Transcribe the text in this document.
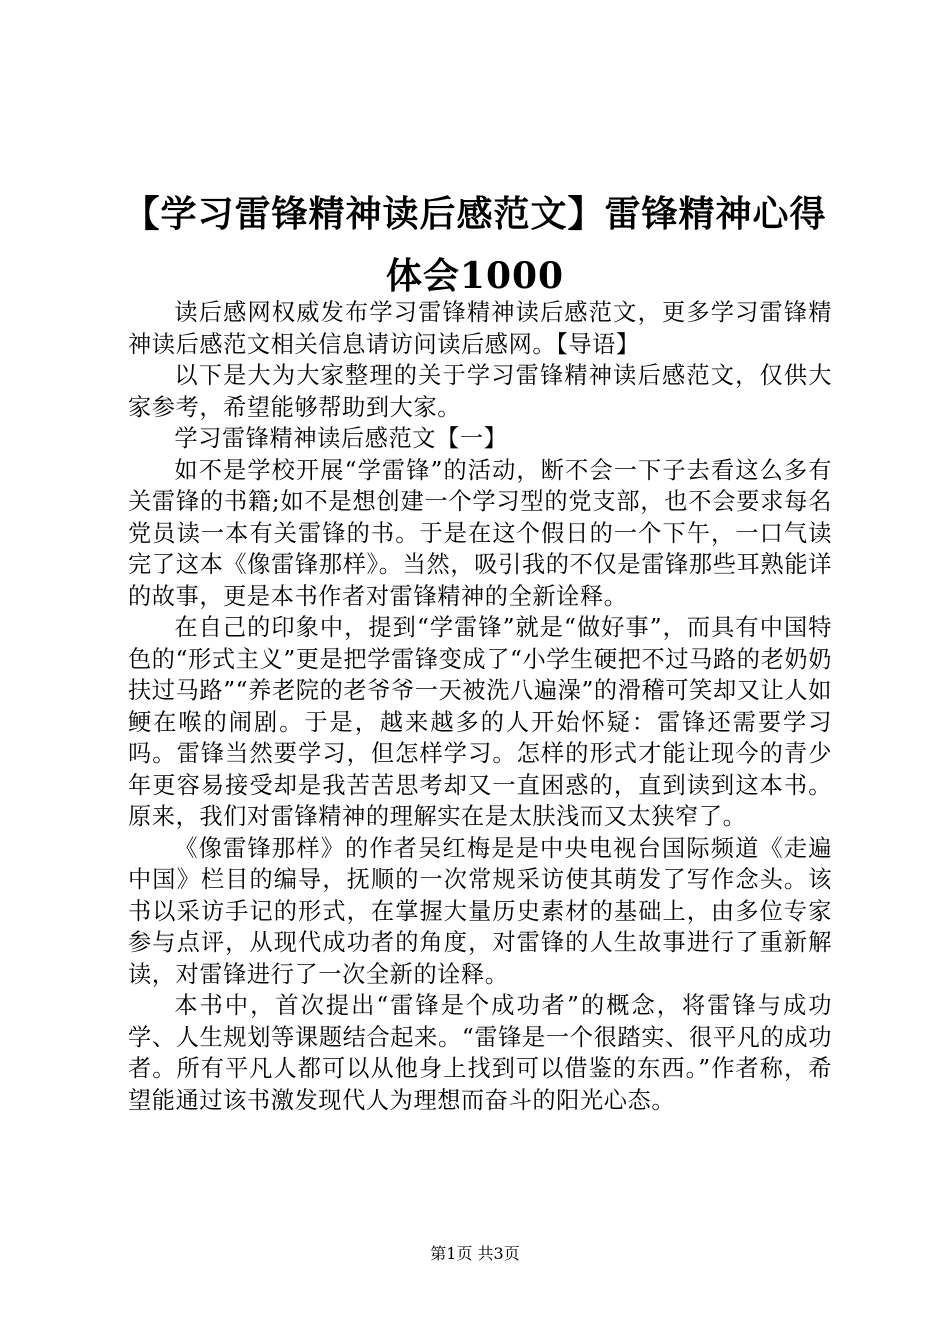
【学习雷锋精神读后感范文】雷锋精神心得体会1000

读后感网权威发布学习雷锋精神读后感范文，更多学习雷锋精神读后感范文相关信息请访问读后感网。【导语】

以下是大为大家整理的关于学习雷锋精神读后感范文，仅供大家参考，希望能够帮助到大家。

学习雷锋精神读后感范文【一】

如不是学校开展“学雷锋”的活动，断不会一下子去看这么多有关雷锋的书籍;如不是想创建一个学习型的党支部，也不会要求每名党员读一本有关雷锋的书。于是在这个假日的一个下午，一口气读完了这本《像雷锋那样》。当然，吸引我的不仅是雷锋那些耳熟能详的故事，更是本书作者对雷锋精神的全新诠释。

在自己的印象中，提到“学雷锋”就是“做好事”，而具有中国特色的“形式主义”更是把学雷锋变成了“小学生硬把不过马路的老奶奶扶过马路”“养老院的老爷爷一天被洗八遍澡”的滑稽可笑却又让人如鲠在喉的闹剧。于是，越来越多的人开始怀疑：雷锋还需要学习吗。雷锋当然要学习，但怎样学习。怎样的形式才能让现今的青少年更容易接受却是我苦苦思考却又一直困惑的，直到读到这本书。原来，我们对雷锋精神的理解实在是太肤浅而又太狭窄了。

《像雷锋那样》的作者吴红梅是是中央电视台国际频道《走遍中国》栏目的编导，抚顺的一次常规采访使其萌发了写作念头。该书以采访手记的形式，在掌握大量历史素材的基础上，由多位专家参与点评，从现代成功者的角度，对雷锋的人生故事进行了重新解读，对雷锋进行了一次全新的诠释。

本书中，首次提出“雷锋是个成功者”的概念，将雷锋与成功学、人生规划等课题结合起来。“雷锋是一个很踏实、很平凡的成功者。所有平凡人都可以从他身上找到可以借鉴的东西。”作者称，希望能通过该书激发现代人为理想而奋斗的阳光心态。

第1页 共3页
